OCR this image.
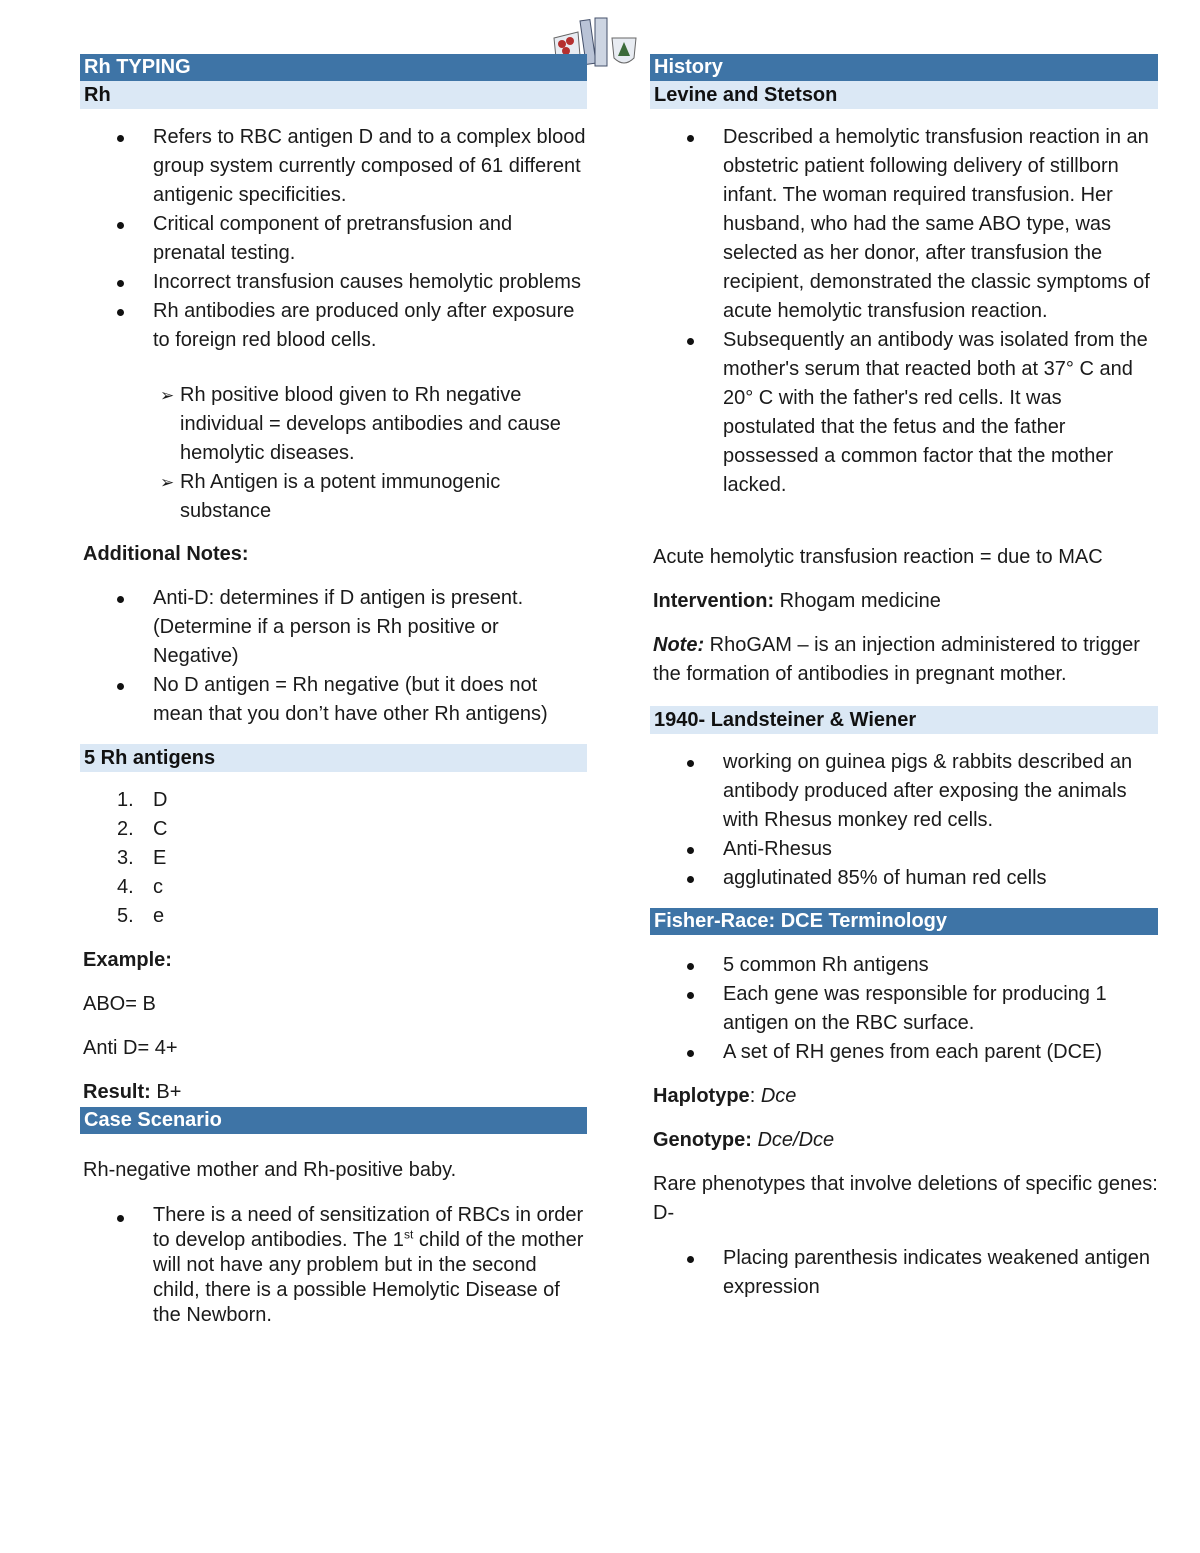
Rh TYPING
Rh
Refers to RBC antigen D and to a complex blood group system currently composed of 61 different antigenic specificities.
Critical component of pretransfusion and prenatal testing.
Incorrect transfusion causes hemolytic problems
Rh antibodies are produced only after exposure to foreign red blood cells.
➢ Rh positive blood given to Rh negative individual = develops antibodies and cause hemolytic diseases.
➢ Rh Antigen is a potent immunogenic substance

Additional Notes:

Anti-D: determines if D antigen is present. (Determine if a person is Rh positive or Negative)
No D antigen = Rh negative (but it does not mean that you don’t have other Rh antigens)
5 Rh antigens
1. D
2. C
3. E
4. c
5. e

Example:

ABO= B

Anti D= 4+

Result: B+

Case Scenario

Rh-negative mother and Rh-positive baby.

There is a need of sensitization of RBCs in order to develop antibodies. The 1st child of the mother will not have any problem but in the second child, there is a possible Hemolytic Disease of the Newborn.
History
Levine and Stetson
Described a hemolytic transfusion reaction in an obstetric patient following delivery of stillborn infant. The woman required transfusion. Her husband, who had the same ABO type, was selected as her donor, after transfusion the recipient, demonstrated the classic symptoms of acute hemolytic transfusion reaction.
Subsequently an antibody was isolated from the mother's serum that reacted both at 37° C and 20° C with the father's red cells. It was postulated that the fetus and the father possessed a common factor that the mother lacked.

Acute hemolytic transfusion reaction = due to MAC

Intervention: Rhogam medicine

Note: RhoGAM – is an injection administered to trigger the formation of antibodies in pregnant mother.

1940- Landsteiner & Wiener
working on guinea pigs & rabbits described an antibody produced after exposing the animals with Rhesus monkey red cells.
Anti-Rhesus
agglutinated 85% of human red cells
Fisher-Race: DCE Terminology
5 common Rh antigens
Each gene was responsible for producing 1 antigen on the RBC surface.
A set of RH genes from each parent (DCE)

Haplotype: Dce

Genotype: Dce/Dce

Rare phenotypes that involve deletions of specific genes: D-

Placing parenthesis indicates weakened antigen expression
